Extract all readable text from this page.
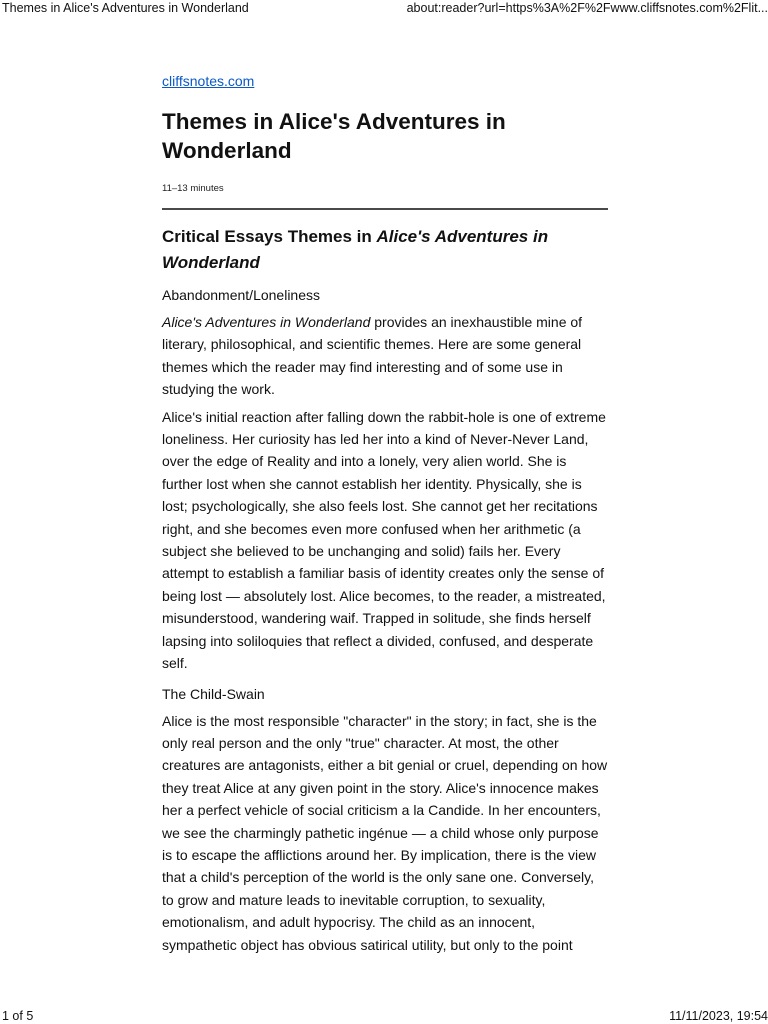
Themes in Alice's Adventures in Wonderland	about:reader?url=https%3A%2F%2Fwww.cliffsnotes.com%2Flit...
cliffsnotes.com
Themes in Alice's Adventures in Wonderland
11–13 minutes
Critical Essays Themes in Alice's Adventures in Wonderland
Abandonment/Loneliness

Alice's Adventures in Wonderland provides an inexhaustible mine of literary, philosophical, and scientific themes. Here are some general themes which the reader may find interesting and of some use in studying the work.

Alice's initial reaction after falling down the rabbit-hole is one of extreme loneliness. Her curiosity has led her into a kind of Never-Never Land, over the edge of Reality and into a lonely, very alien world. She is further lost when she cannot establish her identity. Physically, she is lost; psychologically, she also feels lost. She cannot get her recitations right, and she becomes even more confused when her arithmetic (a subject she believed to be unchanging and solid) fails her. Every attempt to establish a familiar basis of identity creates only the sense of being lost — absolutely lost. Alice becomes, to the reader, a mistreated, misunderstood, wandering waif. Trapped in solitude, she finds herself lapsing into soliloquies that reflect a divided, confused, and desperate self.

The Child-Swain

Alice is the most responsible "character" in the story; in fact, she is the only real person and the only "true" character. At most, the other creatures are antagonists, either a bit genial or cruel, depending on how they treat Alice at any given point in the story. Alice's innocence makes her a perfect vehicle of social criticism a la Candide. In her encounters, we see the charmingly pathetic ingénue — a child whose only purpose is to escape the afflictions around her. By implication, there is the view that a child's perception of the world is the only sane one. Conversely, to grow and mature leads to inevitable corruption, to sexuality, emotionalism, and adult hypocrisy. The child as an innocent, sympathetic object has obvious satirical utility, but only to the point

1 of 5	11/11/2023, 19:54
